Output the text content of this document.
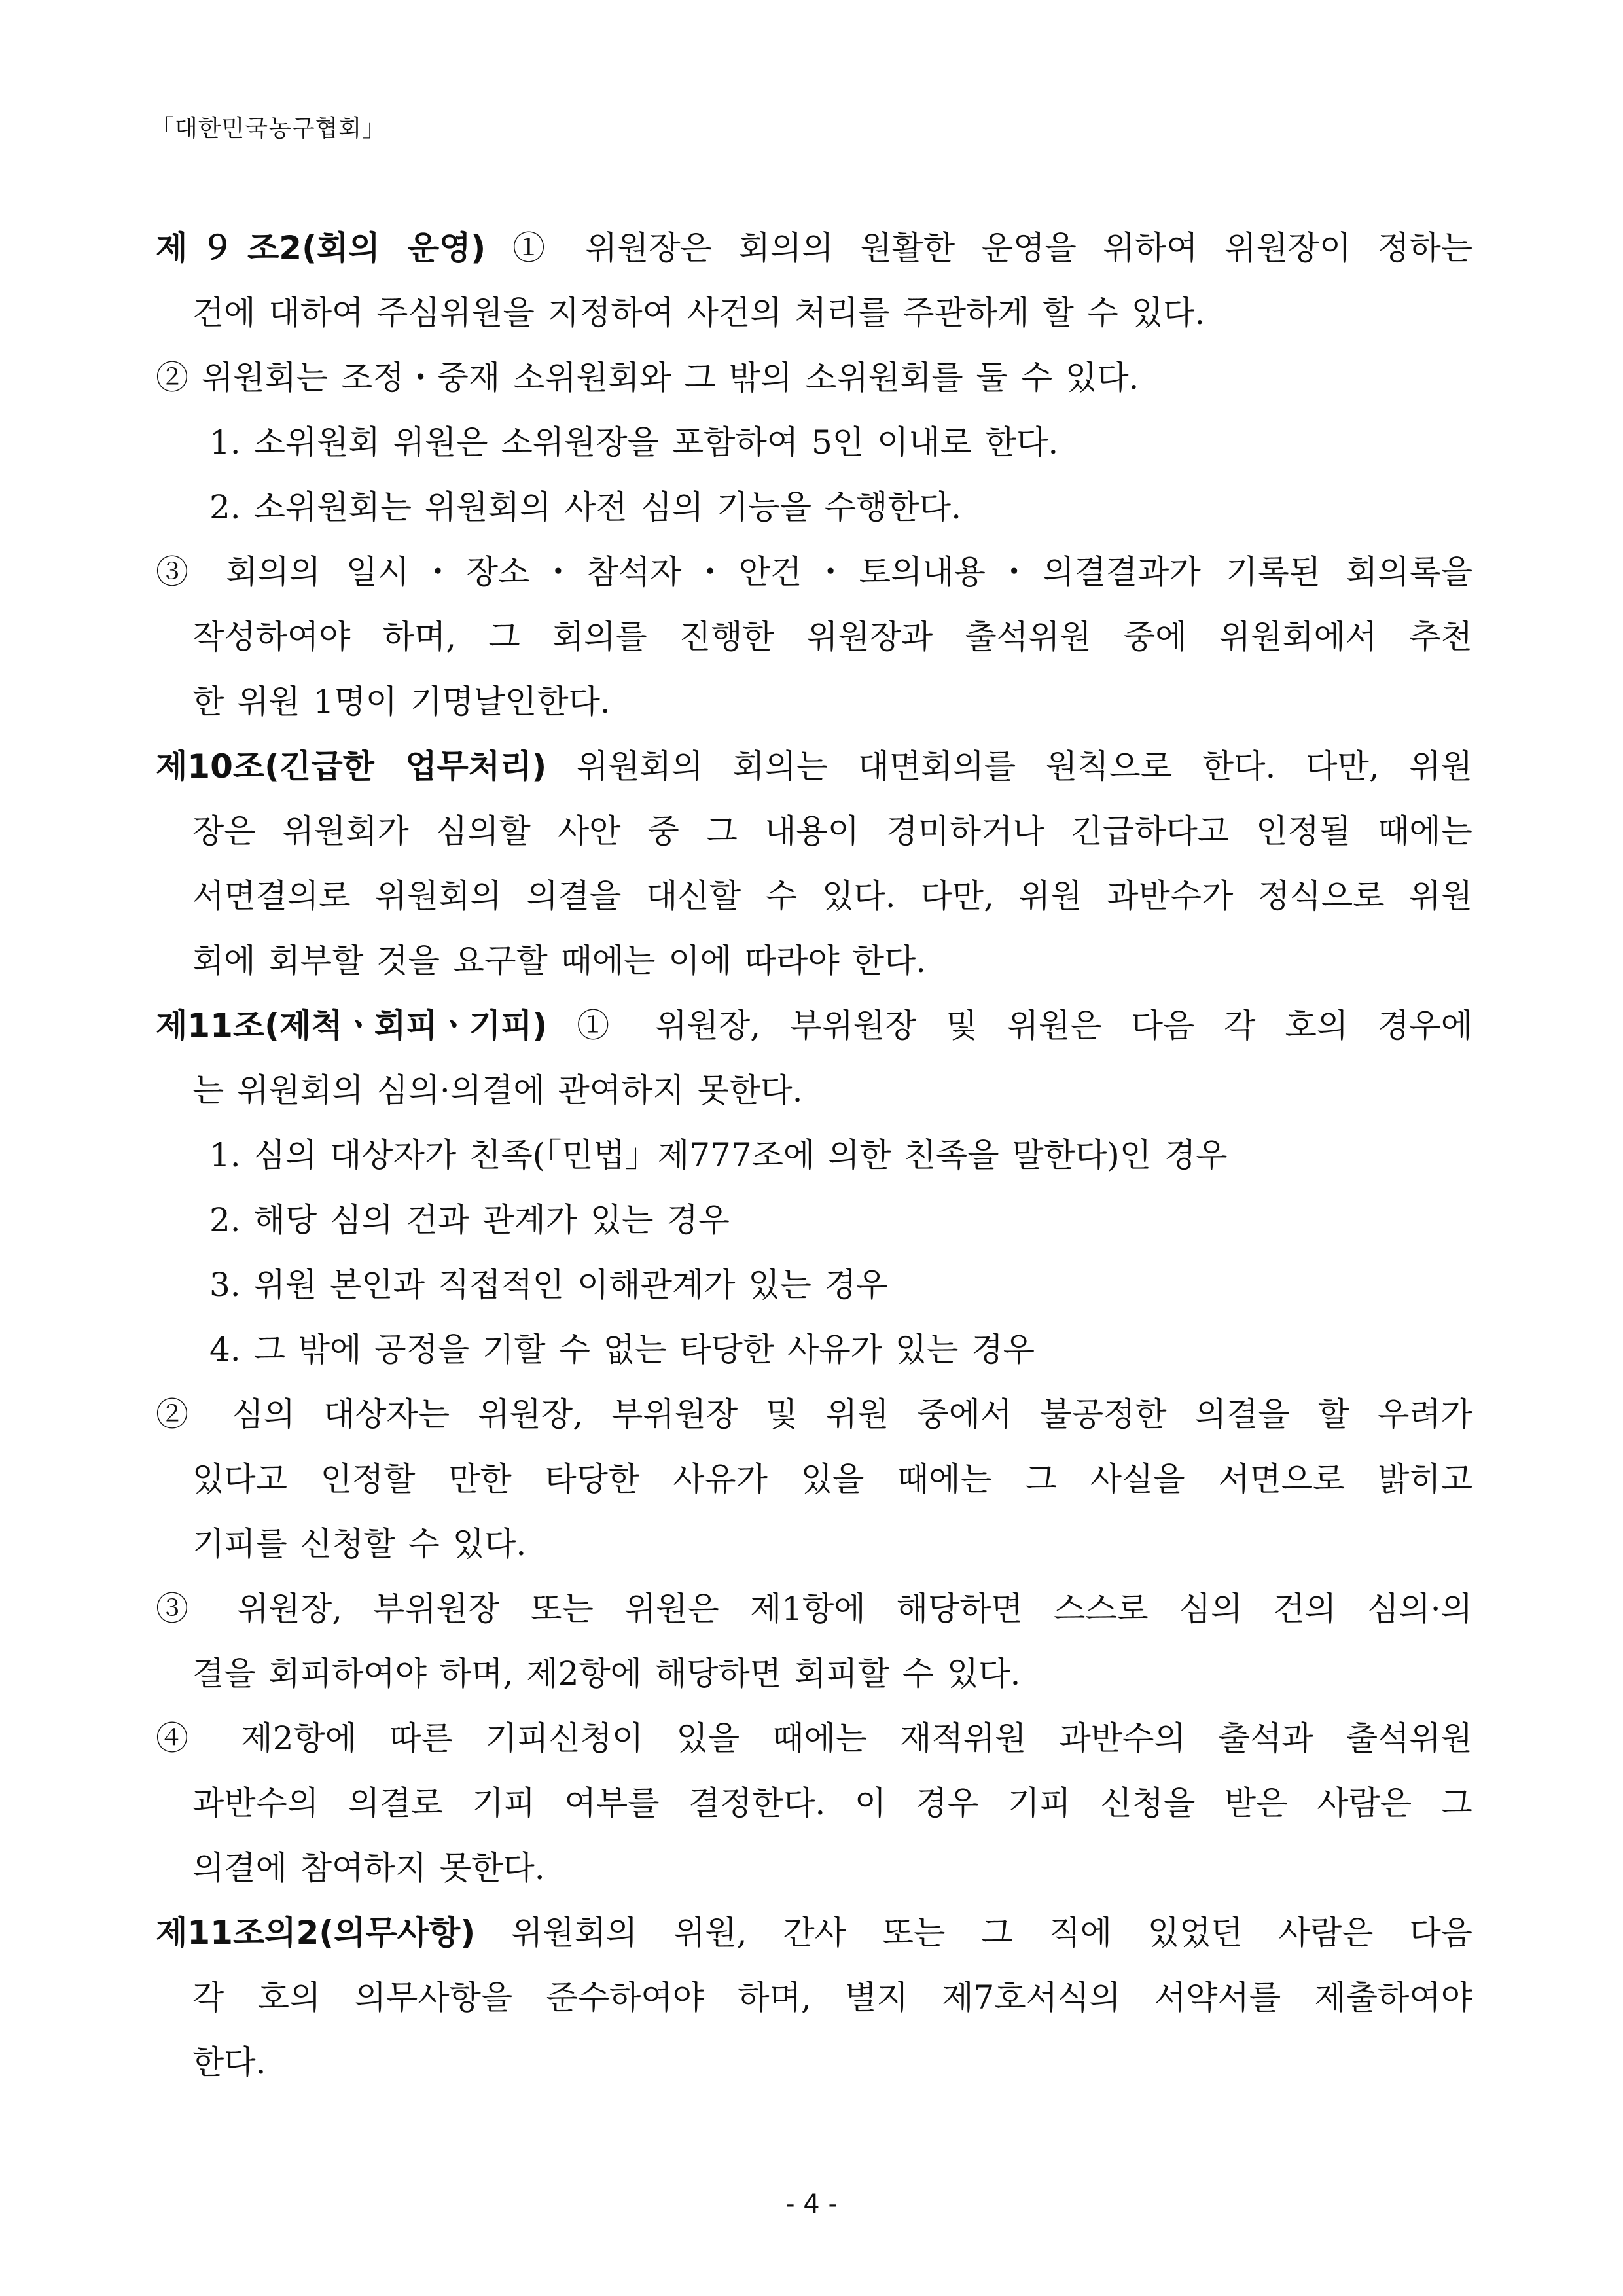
「대한민국농구협회」
제９조2(회의 운영) ① 위원장은 회의의 원활한 운영을 위하여 위원장이 정하는
건에 대하여 주심위원을 지정하여 사건의 처리를 주관하게 할 수 있다.
② 위원회는 조정・중재 소위원회와 그 밖의 소위원회를 둘 수 있다.
1. 소위원회 위원은 소위원장을 포함하여 5인 이내로 한다.
2. 소위원회는 위원회의 사전 심의 기능을 수행한다.
③ 회의의 일시・장소・참석자・안건・토의내용・의결결과가 기록된 회의록을
작성하여야 하며, 그 회의를 진행한 위원장과 출석위원 중에 위원회에서 추천
한 위원 1명이 기명날인한다.
제10조(긴급한 업무처리) 위원회의 회의는 대면회의를 원칙으로 한다. 다만, 위원
장은 위원회가 심의할 사안 중 그 내용이 경미하거나 긴급하다고 인정될 때에는
서면결의로 위원회의 의결을 대신할 수 있다. 다만, 위원 과반수가 정식으로 위원
회에 회부할 것을 요구할 때에는 이에 따라야 한다.
제11조(제척ㆍ회피ㆍ기피) ① 위원장, 부위원장 및 위원은 다음 각 호의 경우에
는 위원회의 심의·의결에 관여하지 못한다.
1. 심의 대상자가 친족(「민법」제777조에 의한 친족을 말한다)인 경우
2. 해당 심의 건과 관계가 있는 경우
3. 위원 본인과 직접적인 이해관계가 있는 경우
4. 그 밖에 공정을 기할 수 없는 타당한 사유가 있는 경우
② 심의 대상자는 위원장, 부위원장 및 위원 중에서 불공정한 의결을 할 우려가
있다고 인정할 만한 타당한 사유가 있을 때에는 그 사실을 서면으로 밝히고
기피를 신청할 수 있다.
③ 위원장, 부위원장 또는 위원은 제1항에 해당하면 스스로 심의 건의 심의·의
결을 회피하여야 하며, 제2항에 해당하면 회피할 수 있다.
④ 제2항에 따른 기피신청이 있을 때에는 재적위원 과반수의 출석과 출석위원
과반수의 의결로 기피 여부를 결정한다. 이 경우 기피 신청을 받은 사람은 그
의결에 참여하지 못한다.
제11조의2(의무사항) 위원회의 위원, 간사 또는 그 직에 있었던 사람은 다음
각 호의 의무사항을 준수하여야 하며, 별지 제7호서식의 서약서를 제출하여야
한다.
- 4 -
